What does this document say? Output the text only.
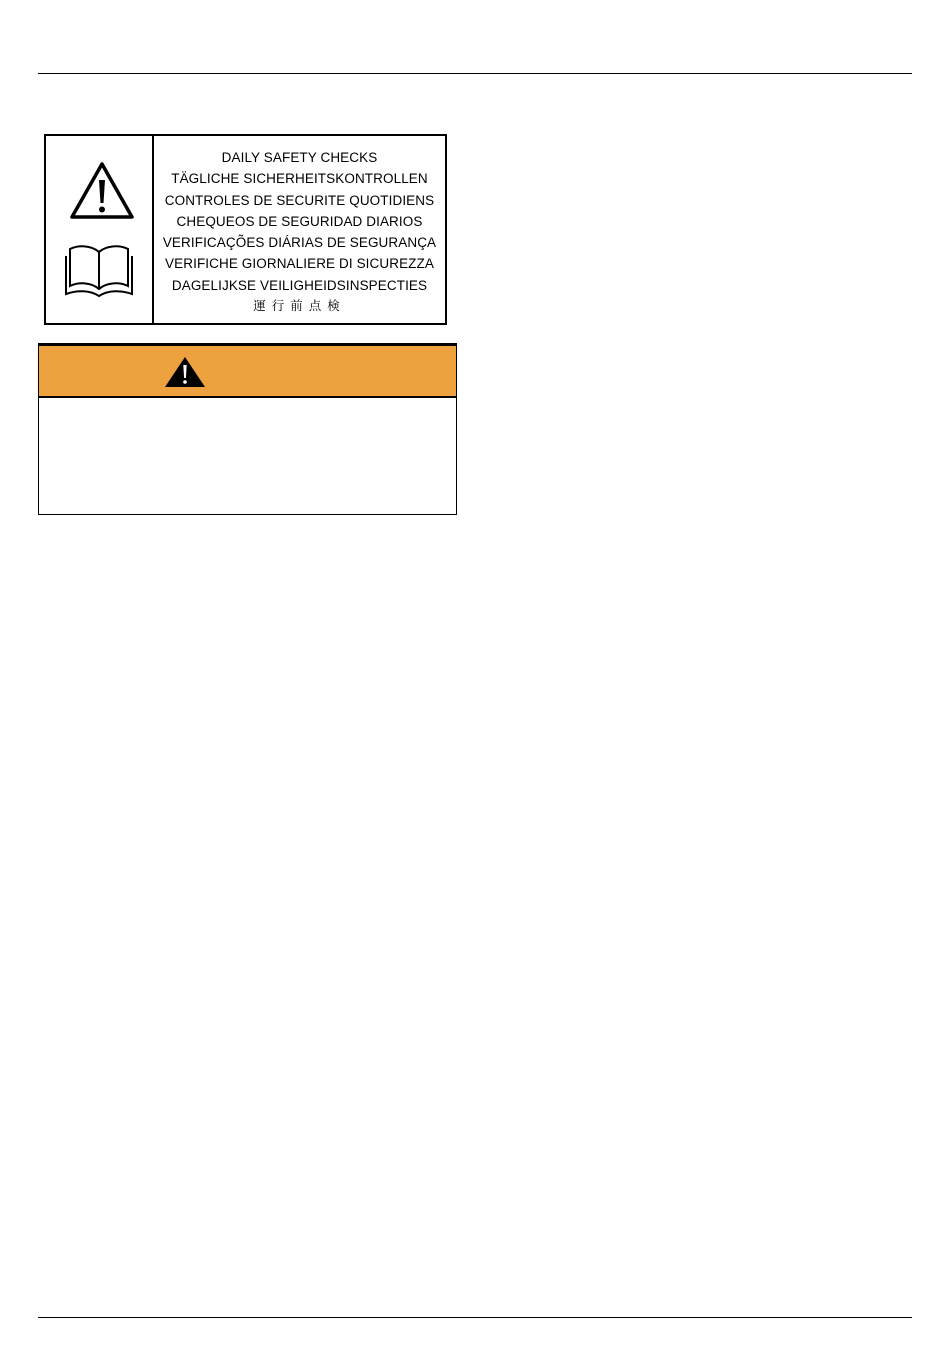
DAILY SAFETY CHECKS
TÄGLICHE SICHERHEITSKONTROLLEN
CONTROLES DE SECURITE QUOTIDIENS
CHEQUEOS DE SEGURIDAD DIARIOS
VERIFICAÇÕES DIÁRIAS DE SEGURANÇA
VERIFICHE GIORNALIERE DI SICUREZZA
DAGELIJKSE VEILIGHEIDSINSPECTIES
運行前点検
